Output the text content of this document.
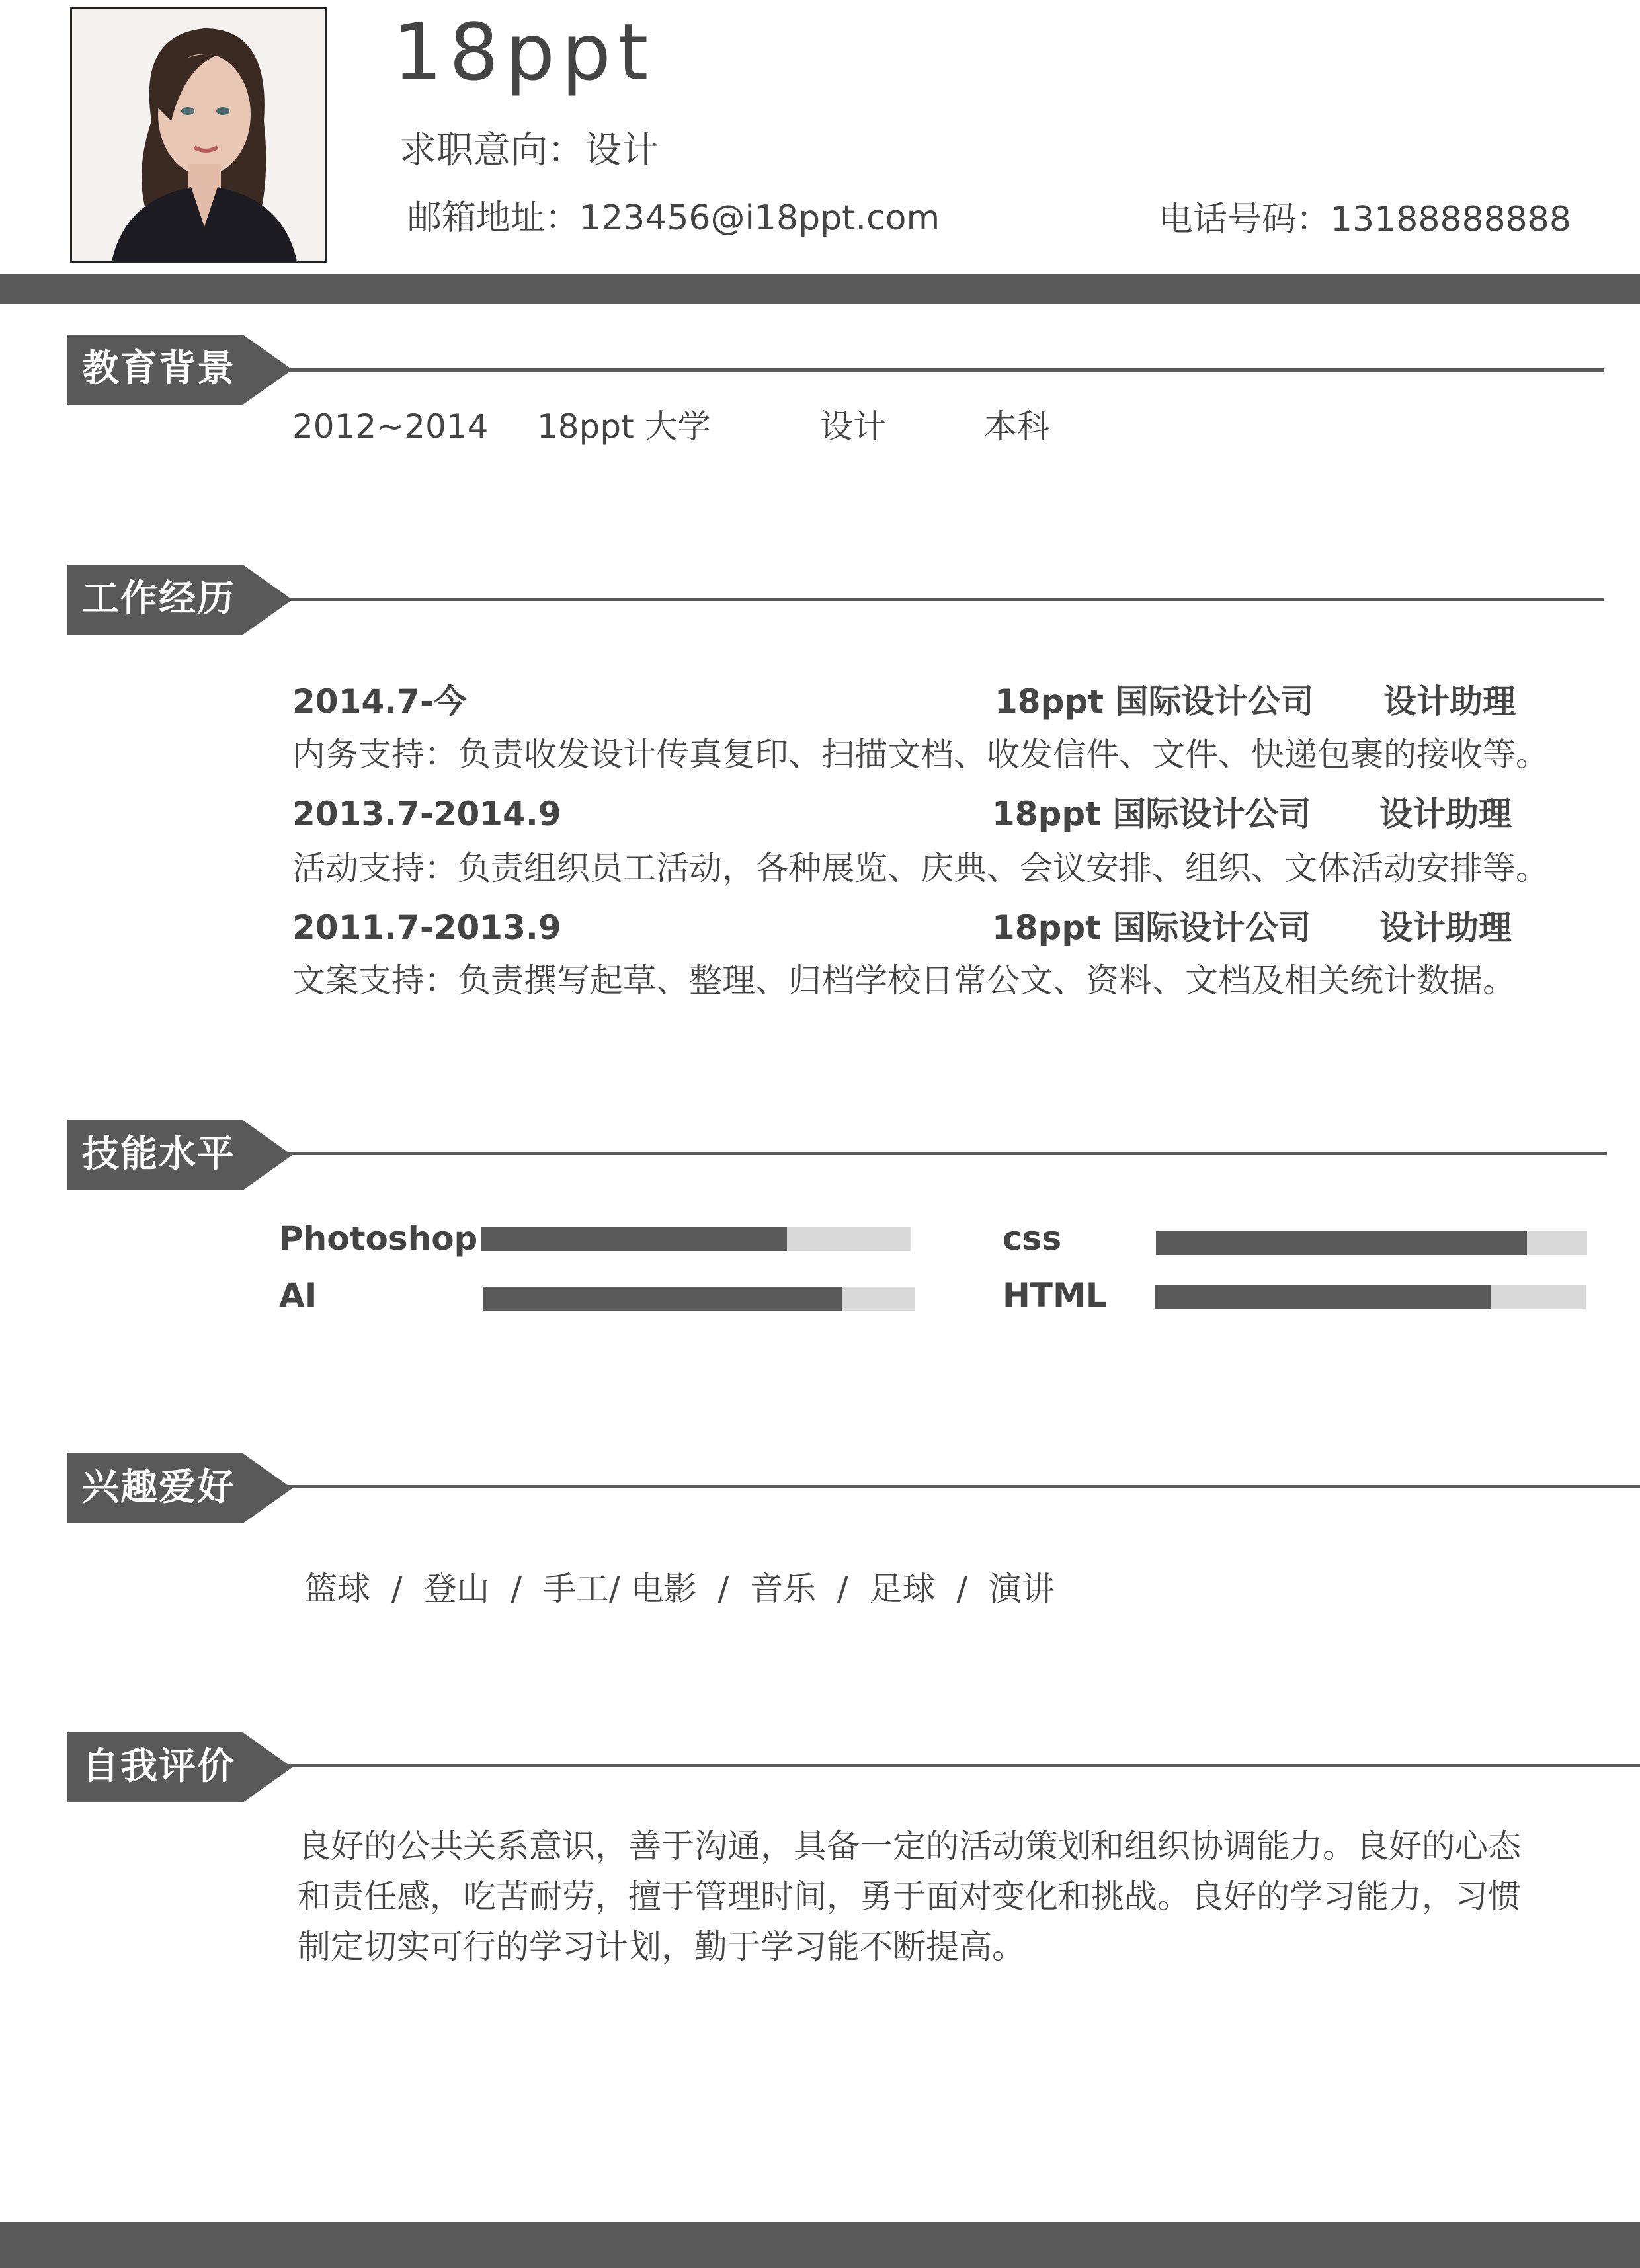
18ppt
求职意向：设计
邮箱地址：123456@i18ppt.com	电话号码：13188888888
教育背景
2012~2014 18ppt 大学	设计	本科
工作经历
2014.7-今	18ppt 国际设计公司 设计助理
内务支持：负责收发设计传真复印、扫描文档、收发信件、文件、快递包裹的接收等。
2013.7-2014.9	18ppt 国际设计公司 设计助理
活动支持：负责组织员工活动，各种展览、庆典、会议安排、组织、文体活动安排等。
2011.7-2013.9	18ppt 国际设计公司 设计助理
文案支持：负责撰写起草、整理、归档学校日常公文、资料、文档及相关统计数据。
技能水平
Photoshop
AI
css
HTML
兴趣爱好
篮球  /  登山  /  手工/ 电影  /  音乐  /  足球  /  演讲
自我评价
良好的公共关系意识，善于沟通，具备一定的活动策划和组织协调能力。良好的心态
和责任感，吃苦耐劳，擅于管理时间，勇于面对变化和挑战。良好的学习能力，习惯
制定切实可行的学习计划，勤于学习能不断提高。
